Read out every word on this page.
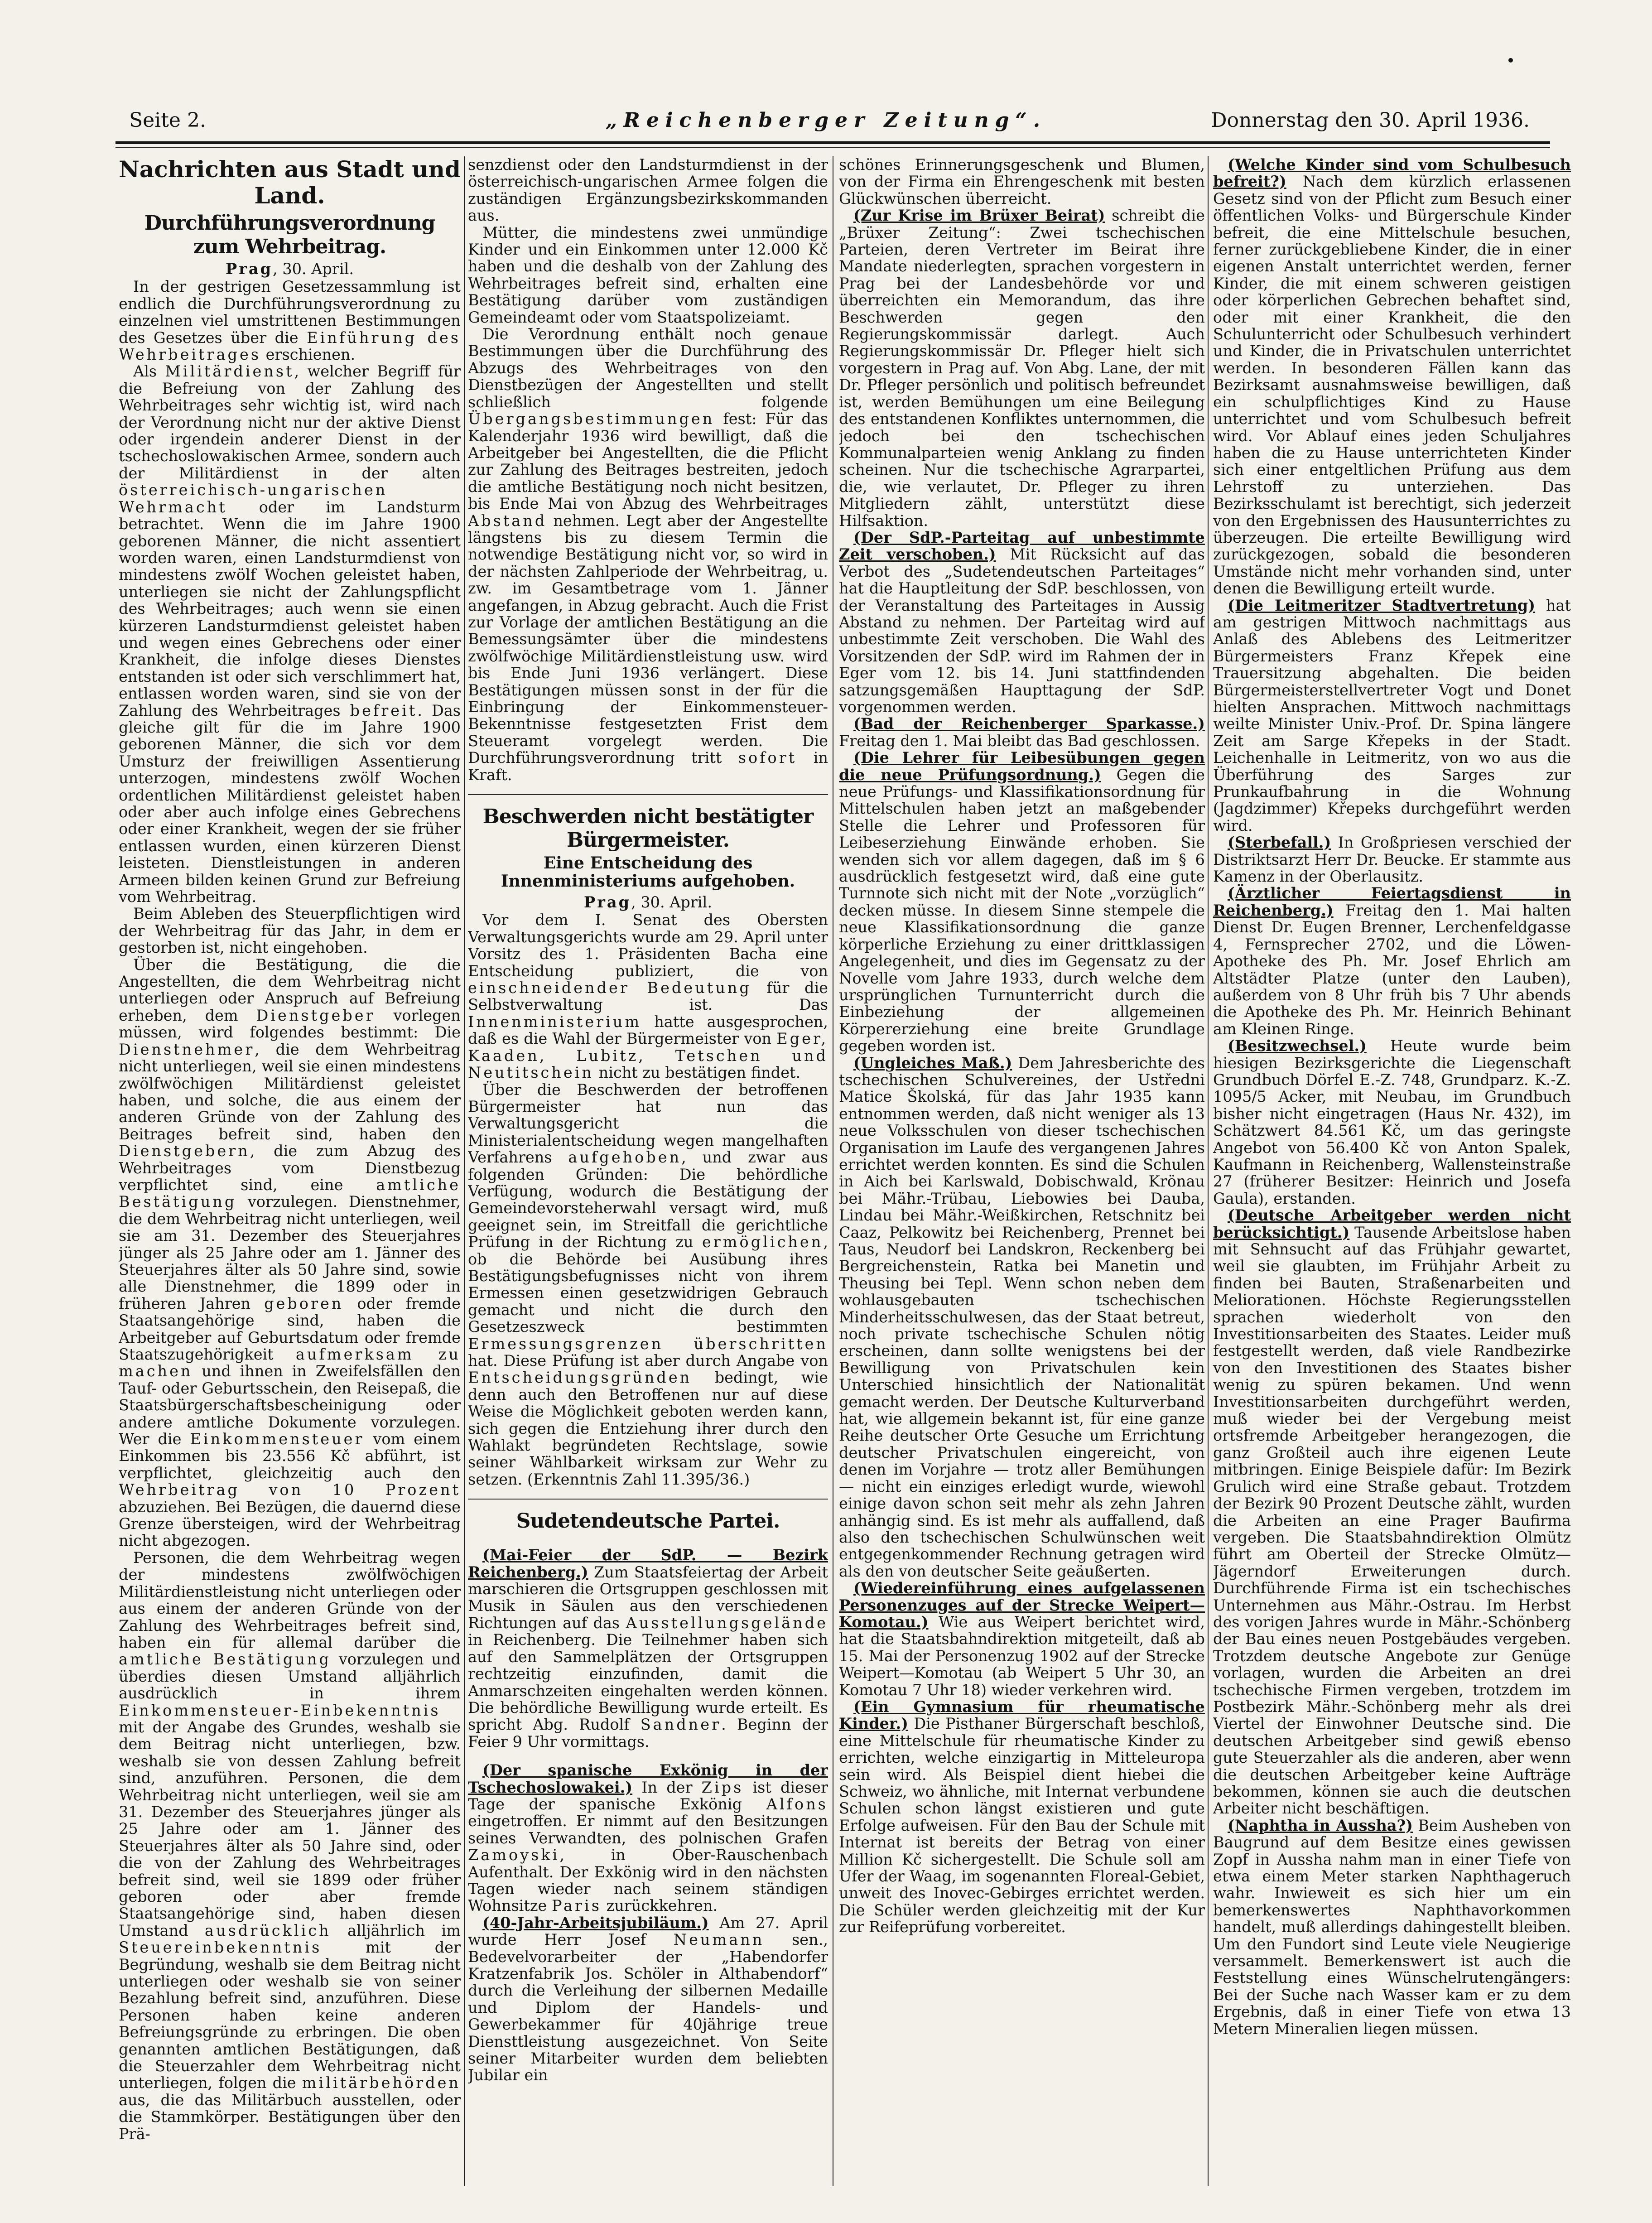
Seite 2.	„Reichenberger Zeitung“.	Donnerstag den 30. April 1936.
Nachrichten aus Stadt und Land.
Durchführungsverordnung zum Wehrbeitrag.

Prag, 30. April.

In der gestrigen Gesetzessammlung ist endlich die Durchführungsverordnung zu einzelnen viel umstrittenen Bestimmungen des Gesetzes über die Einführung des Wehrbeitrages erschienen.

Als Militärdienst, welcher Begriff für die Befreiung von der Zahlung des Wehrbeitrages sehr wichtig ist, wird nach der Verordnung nicht nur der aktive Dienst oder irgendein anderer Dienst in der tschechoslowakischen Armee, sondern auch der Militärdienst in der alten österreichisch-ungarischen Wehrmacht oder im Landsturm betrachtet. Wenn die im Jahre 1900 geborenen Männer, die nicht assentiert worden waren, einen Landsturmdienst von mindestens zwölf Wochen geleistet haben, unterliegen sie nicht der Zahlungspflicht des Wehrbeitrages; auch wenn sie einen kürzeren Landsturmdienst geleistet haben und wegen eines Gebrechens oder einer Krankheit, die infolge dieses Dienstes entstanden ist oder sich verschlimmert hat, entlassen worden waren, sind sie von der Zahlung des Wehrbeitrages befreit. Das gleiche gilt für die im Jahre 1900 geborenen Männer, die sich vor dem Umsturz der freiwilligen Assentierung unterzogen, mindestens zwölf Wochen ordentlichen Militärdienst geleistet haben oder aber auch infolge eines Gebrechens oder einer Krankheit, wegen der sie früher entlassen wurden, einen kürzeren Dienst leisteten. Dienstleistungen in anderen Armeen bilden keinen Grund zur Befreiung vom Wehrbeitrag.

Beim Ableben des Steuerpflichtigen wird der Wehrbeitrag für das Jahr, in dem er gestorben ist, nicht eingehoben.

Über die Bestätigung, die die Angestellten, die dem Wehrbeitrag nicht unterliegen oder Anspruch auf Befreiung erheben, dem Dienstgeber vorlegen müssen, wird folgendes bestimmt: Die Dienstnehmer, die dem Wehrbeitrag nicht unterliegen, weil sie einen mindestens zwölfwöchigen Militärdienst geleistet haben, und solche, die aus einem der anderen Gründe von der Zahlung des Beitrages befreit sind, haben den Dienstgebern, die zum Abzug des Wehrbeitrages vom Dienstbezug verpflichtet sind, eine amtliche Bestätigung vorzulegen. Dienstnehmer, die dem Wehrbeitrag nicht unterliegen, weil sie am 31. Dezember des Steuerjahres jünger als 25 Jahre oder am 1. Jänner des Steuerjahres älter als 50 Jahre sind, sowie alle Dienstnehmer, die 1899 oder in früheren Jahren geboren oder fremde Staatsangehörige sind, haben die Arbeitgeber auf Geburtsdatum oder fremde Staatszugehörigkeit aufmerksam zu machen und ihnen in Zweifelsfällen den Tauf- oder Geburtsschein, den Reisepaß, die Staatsbürgerschaftsbescheinigung oder andere amtliche Dokumente vorzulegen. Wer die Einkommensteuer vom einem Einkommen bis 23.556 Kč abführt, ist verpflichtet, gleichzeitig auch den Wehrbeitrag von 10 Prozent abzuziehen. Bei Bezügen, die dauernd diese Grenze übersteigen, wird der Wehrbeitrag nicht abgezogen.

Personen, die dem Wehrbeitrag wegen der mindestens zwölfwöchigen Militärdienstleistung nicht unterliegen oder aus einem der anderen Gründe von der Zahlung des Wehrbeitrages befreit sind, haben ein für allemal darüber die amtliche Bestätigung vorzulegen und überdies diesen Umstand alljährlich ausdrücklich in ihrem Einkommensteuer-Einbekenntnis mit der Angabe des Grundes, weshalb sie dem Beitrag nicht unterliegen, bzw. weshalb sie von dessen Zahlung befreit sind, anzuführen. Personen, die dem Wehrbeitrag nicht unterliegen, weil sie am 31. Dezember des Steuerjahres jünger als 25 Jahre oder am 1. Jänner des Steuerjahres älter als 50 Jahre sind, oder die von der Zahlung des Wehrbeitrages befreit sind, weil sie 1899 oder früher geboren oder aber fremde Staatsangehörige sind, haben diesen Umstand ausdrücklich alljährlich im Steuereinbekenntnis mit der Begründung, weshalb sie dem Beitrag nicht unterliegen oder weshalb sie von seiner Bezahlung befreit sind, anzuführen. Diese Personen haben keine anderen Befreiungsgründe zu erbringen. Die oben genannten amtlichen Bestätigungen, daß die Steuerzahler dem Wehrbeitrag nicht unterliegen, folgen die militärbehörden aus, die das Militärbuch ausstellen, oder die Stammkörper. Bestätigungen über den Prä-

senzdienst oder den Landsturmdienst in der österreichisch-ungarischen Armee folgen die zuständigen Ergänzungsbezirkskommanden aus.

Mütter, die mindestens zwei unmündige Kinder und ein Einkommen unter 12.000 Kč haben und die deshalb von der Zahlung des Wehrbeitrages befreit sind, erhalten eine Bestätigung darüber vom zuständigen Gemeindeamt oder vom Staatspolizeiamt.

Die Verordnung enthält noch genaue Bestimmungen über die Durchführung des Abzugs des Wehrbeitrages von den Dienstbezügen der Angestellten und stellt schließlich folgende Übergangsbestimmungen fest: Für das Kalenderjahr 1936 wird bewilligt, daß die Arbeitgeber bei Angestellten, die die Pflicht zur Zahlung des Beitrages bestreiten, jedoch die amtliche Bestätigung noch nicht besitzen, bis Ende Mai von Abzug des Wehrbeitrages Abstand nehmen. Legt aber der Angestellte längstens bis zu diesem Termin die notwendige Bestätigung nicht vor, so wird in der nächsten Zahlperiode der Wehrbeitrag, u. zw. im Gesamtbetrage vom 1. Jänner angefangen, in Abzug gebracht. Auch die Frist zur Vorlage der amtlichen Bestätigung an die Bemessungsämter über die mindestens zwölfwöchige Militärdienstleistung usw. wird bis Ende Juni 1936 verlängert. Diese Bestätigungen müssen sonst in der für die Einbringung der Einkommensteuer-Bekenntnisse festgesetzten Frist dem Steueramt vorgelegt werden. Die Durchführungsverordnung tritt sofort in Kraft.

Beschwerden nicht bestätigter Bürgermeister.
Eine Entscheidung des Innenministeriums aufgehoben.

Prag, 30. April.

Vor dem I. Senat des Obersten Verwaltungsgerichts wurde am 29. April unter Vorsitz des 1. Präsidenten Bacha eine Entscheidung publiziert, die von einschneidender Bedeutung für die Selbstverwaltung ist. Das Innenministerium hatte ausgesprochen, daß es die Wahl der Bürgermeister von Eger, Kaaden, Lubitz, Tetschen und Neutitschein nicht zu bestätigen findet.

Über die Beschwerden der betroffenen Bürgermeister hat nun das Verwaltungsgericht die Ministerialentscheidung wegen mangelhaften Verfahrens aufgehoben, und zwar aus folgenden Gründen: Die behördliche Verfügung, wodurch die Bestätigung der Gemeindevorsteherwahl versagt wird, muß geeignet sein, im Streitfall die gerichtliche Prüfung in der Richtung zu ermöglichen, ob die Behörde bei Ausübung ihres Bestätigungsbefugnisses nicht von ihrem Ermessen einen gesetzwidrigen Gebrauch gemacht und nicht die durch den Gesetzeszweck bestimmten Ermessungsgrenzen überschritten hat. Diese Prüfung ist aber durch Angabe von Entscheidungsgründen bedingt, wie denn auch den Betroffenen nur auf diese Weise die Möglichkeit geboten werden kann, sich gegen die Entziehung ihrer durch den Wahlakt begründeten Rechtslage, sowie seiner Wählbarkeit wirksam zur Wehr zu setzen. (Erkenntnis Zahl 11.395/36.)

Sudetendeutsche Partei.

(Mai-Feier der SdP. — Bezirk Reichenberg.) Zum Staatsfeiertag der Arbeit marschieren die Ortsgruppen geschlossen mit Musik in Säulen aus den verschiedenen Richtungen auf das Ausstellungsgelände in Reichenberg. Die Teilnehmer haben sich auf den Sammelplätzen der Ortsgruppen rechtzeitig einzufinden, damit die Anmarschzeiten eingehalten werden können. Die behördliche Bewilligung wurde erteilt. Es spricht Abg. Rudolf Sandner. Beginn der Feier 9 Uhr vormittags.

(Der spanische Exkönig in der Tschechoslowakei.) In der Zips ist dieser Tage der spanische Exkönig Alfons eingetroffen. Er nimmt auf den Besitzungen seines Verwandten, des polnischen Grafen Zamoyski, in Ober-Rauschenbach Aufenthalt. Der Exkönig wird in den nächsten Tagen wieder nach seinem ständigen Wohnsitze Paris zurückkehren.

(40-Jahr-Arbeitsjubiläum.) Am 27. April wurde Herr Josef Neumann sen., Bedevelvorarbeiter der „Habendorfer Kratzenfabrik Jos. Schöler in Althabendorf“ durch die Verleihung der silbernen Medaille und Diplom der Handels- und Gewerbekammer für 40jährige treue Diensttleistung ausgezeichnet. Von Seite seiner Mitarbeiter wurden dem beliebten Jubilar ein

schönes Erinnerungsgeschenk und Blumen, von der Firma ein Ehrengeschenk mit besten Glückwünschen überreicht.

(Zur Krise im Brüxer Beirat) schreibt die „Brüxer Zeitung“: Zwei tschechischen Parteien, deren Vertreter im Beirat ihre Mandate niederlegten, sprachen vorgestern in Prag bei der Landesbehörde vor und überreichten ein Memorandum, das ihre Beschwerden gegen den Regierungskommissär darlegt. Auch Regierungskommissär Dr. Pfleger hielt sich vorgestern in Prag auf. Von Abg. Lane, der mit Dr. Pfleger persönlich und politisch befreundet ist, werden Bemühungen um eine Beilegung des entstandenen Konfliktes unternommen, die jedoch bei den tschechischen Kommunalparteien wenig Anklang zu finden scheinen. Nur die tschechische Agrarpartei, die, wie verlautet, Dr. Pfleger zu ihren Mitgliedern zählt, unterstützt diese Hilfsaktion.

(Der SdP.-Parteitag auf unbestimmte Zeit verschoben.) Mit Rücksicht auf das Verbot des „Sudetendeutschen Parteitages“ hat die Hauptleitung der SdP. beschlossen, von der Veranstaltung des Parteitages in Aussig Abstand zu nehmen. Der Parteitag wird auf unbestimmte Zeit verschoben. Die Wahl des Vorsitzenden der SdP. wird im Rahmen der in Eger vom 12. bis 14. Juni stattfindenden satzungsgemäßen Haupttagung der SdP. vorgenommen werden.

(Bad der Reichenberger Sparkasse.) Freitag den 1. Mai bleibt das Bad geschlossen.

(Die Lehrer für Leibesübungen gegen die neue Prüfungsordnung.) Gegen die neue Prüfungs- und Klassifikationsordnung für Mittelschulen haben jetzt an maßgebender Stelle die Lehrer und Professoren für Leibeserziehung Einwände erhoben. Sie wenden sich vor allem dagegen, daß im § 6 ausdrücklich festgesetzt wird, daß eine gute Turnnote sich nicht mit der Note „vorzüglich“ decken müsse. In diesem Sinne stempele die neue Klassifikationsordnung die ganze körperliche Erziehung zu einer drittklassigen Angelegenheit, und dies im Gegensatz zu der Novelle vom Jahre 1933, durch welche dem ursprünglichen Turnunterricht durch die Einbeziehung der allgemeinen Körpererziehung eine breite Grundlage gegeben worden ist.

(Ungleiches Maß.) Dem Jahresberichte des tschechischen Schulvereines, der Ustředni Matice Školská, für das Jahr 1935 kann entnommen werden, daß nicht weniger als 13 neue Volksschulen von dieser tschechischen Organisation im Laufe des vergangenen Jahres errichtet werden konnten. Es sind die Schulen in Aich bei Karlswald, Dobischwald, Krönau bei Mähr.-Trübau, Liebowies bei Dauba, Lindau bei Mähr.-Weißkirchen, Retschnitz bei Caaz, Pelkowitz bei Reichenberg, Prennet bei Taus, Neudorf bei Landskron, Reckenberg bei Bergreichenstein, Ratka bei Manetin und Theusing bei Tepl. Wenn schon neben dem wohlausgebauten tschechischen Minderheitsschulwesen, das der Staat betreut, noch private tschechische Schulen nötig erscheinen, dann sollte wenigstens bei der Bewilligung von Privatschulen kein Unterschied hinsichtlich der Nationalität gemacht werden. Der Deutsche Kulturverband hat, wie allgemein bekannt ist, für eine ganze Reihe deutscher Orte Gesuche um Errichtung deutscher Privatschulen eingereicht, von denen im Vorjahre — trotz aller Bemühungen — nicht ein einziges erledigt wurde, wiewohl einige davon schon seit mehr als zehn Jahren anhängig sind. Es ist mehr als auffallend, daß also den tschechischen Schulwünschen weit entgegenkommender Rechnung getragen wird als den von deutscher Seite geäußerten.

(Wiedereinführung eines aufgelassenen Personenzuges auf der Strecke Weipert—Komotau.) Wie aus Weipert berichtet wird, hat die Staatsbahndirektion mitgeteilt, daß ab 15. Mai der Personenzug 1902 auf der Strecke Weipert—Komotau (ab Weipert 5 Uhr 30, an Komotau 7 Uhr 18) wieder verkehren wird.

(Ein Gymnasium für rheumatische Kinder.) Die Pisthaner Bürgerschaft beschloß, eine Mittelschule für rheumatische Kinder zu errichten, welche einzigartig in Mitteleuropa sein wird. Als Beispiel dient hiebei die Schweiz, wo ähnliche, mit Internat verbundene Schulen schon längst existieren und gute Erfolge aufweisen. Für den Bau der Schule mit Internat ist bereits der Betrag von einer Million Kč sichergestellt. Die Schule soll am Ufer der Waag, im sogenannten Floreal-Gebiet, unweit des Inovec-Gebirges errichtet werden. Die Schüler werden gleichzeitig mit der Kur zur Reifeprüfung vorbereitet.

(Welche Kinder sind vom Schulbesuch befreit?) Nach dem kürzlich erlassenen Gesetz sind von der Pflicht zum Besuch einer öffentlichen Volks- und Bürgerschule Kinder befreit, die eine Mittelschule besuchen, ferner zurückgebliebene Kinder, die in einer eigenen Anstalt unterrichtet werden, ferner Kinder, die mit einem schweren geistigen oder körperlichen Gebrechen behaftet sind, oder mit einer Krankheit, die den Schulunterricht oder Schulbesuch verhindert und Kinder, die in Privatschulen unterrichtet werden. In besonderen Fällen kann das Bezirksamt ausnahmsweise bewilligen, daß ein schulpflichtiges Kind zu Hause unterrichtet und vom Schulbesuch befreit wird. Vor Ablauf eines jeden Schuljahres haben die zu Hause unterrichteten Kinder sich einer entgeltlichen Prüfung aus dem Lehrstoff zu unterziehen. Das Bezirksschulamt ist berechtigt, sich jederzeit von den Ergebnissen des Hausunterrichtes zu überzeugen. Die erteilte Bewilligung wird zurückgezogen, sobald die besonderen Umstände nicht mehr vorhanden sind, unter denen die Bewilligung erteilt wurde.

(Die Leitmeritzer Stadtvertretung) hat am gestrigen Mittwoch nachmittags aus Anlaß des Ablebens des Leitmeritzer Bürgermeisters Franz Křepek eine Trauersitzung abgehalten. Die beiden Bürgermeisterstellvertreter Vogt und Donet hielten Ansprachen. Mittwoch nachmittags weilte Minister Univ.-Prof. Dr. Spina längere Zeit am Sarge Křepeks in der Stadt. Leichenhalle in Leitmeritz, von wo aus die Überführung des Sarges zur Prunkaufbahrung in die Wohnung (Jagdzimmer) Křepeks durchgeführt werden wird.

(Sterbefall.) In Großpriesen verschied der Distriktsarzt Herr Dr. Beucke. Er stammte aus Kamenz in der Oberlausitz.

(Ärztlicher Feiertagsdienst in Reichenberg.) Freitag den 1. Mai halten Dienst Dr. Eugen Brenner, Lerchenfeldgasse 4, Fernsprecher 2702, und die Löwen-Apotheke des Ph. Mr. Josef Ehrlich am Altstädter Platze (unter den Lauben), außerdem von 8 Uhr früh bis 7 Uhr abends die Apotheke des Ph. Mr. Heinrich Behinant am Kleinen Ringe.

(Besitzwechsel.) Heute wurde beim hiesigen Bezirksgerichte die Liegenschaft Grundbuch Dörfel E.-Z. 748, Grundparz. K.-Z. 1095/5 Acker, mit Neubau, im Grundbuch bisher nicht eingetragen (Haus Nr. 432), im Schätzwert 84.561 Kč, um das geringste Angebot von 56.400 Kč von Anton Spalek, Kaufmann in Reichenberg, Wallensteinstraße 27 (früherer Besitzer: Heinrich und Josefa Gaula), erstanden.

(Deutsche Arbeitgeber werden nicht berücksichtigt.) Tausende Arbeitslose haben mit Sehnsucht auf das Frühjahr gewartet, weil sie glaubten, im Frühjahr Arbeit zu finden bei Bauten, Straßenarbeiten und Meliorationen. Höchste Regierungsstellen sprachen wiederholt von den Investitionsarbeiten des Staates. Leider muß festgestellt werden, daß viele Randbezirke von den Investitionen des Staates bisher wenig zu spüren bekamen. Und wenn Investitionsarbeiten durchgeführt werden, muß wieder bei der Vergebung meist ortsfremde Arbeitgeber herangezogen, die ganz Großteil auch ihre eigenen Leute mitbringen. Einige Beispiele dafür: Im Bezirk Grulich wird eine Straße gebaut. Trotzdem der Bezirk 90 Prozent Deutsche zählt, wurden die Arbeiten an eine Prager Baufirma vergeben. Die Staatsbahndirektion Olmütz führt am Oberteil der Strecke Olmütz—Jägerndorf Erweiterungen durch. Durchführende Firma ist ein tschechisches Unternehmen aus Mähr.-Ostrau. Im Herbst des vorigen Jahres wurde in Mähr.-Schönberg der Bau eines neuen Postgebäudes vergeben. Trotzdem deutsche Angebote zur Genüge vorlagen, wurden die Arbeiten an drei tschechische Firmen vergeben, trotzdem im Postbezirk Mähr.-Schönberg mehr als drei Viertel der Einwohner Deutsche sind. Die deutschen Arbeitgeber sind gewiß ebenso gute Steuerzahler als die anderen, aber wenn die deutschen Arbeitgeber keine Aufträge bekommen, können sie auch die deutschen Arbeiter nicht beschäftigen.

(Naphtha in Aussha?) Beim Ausheben von Baugrund auf dem Besitze eines gewissen Zopf in Aussha nahm man in einer Tiefe von etwa einem Meter starken Naphthageruch wahr. Inwieweit es sich hier um ein bemerkenswertes Naphthavorkommen handelt, muß allerdings dahingestellt bleiben. Um den Fundort sind Leute viele Neugierige versammelt. Bemerkenswert ist auch die Feststellung eines Wünschelrutengängers: Bei der Suche nach Wasser kam er zu dem Ergebnis, daß in einer Tiefe von etwa 13 Metern Mineralien liegen müssen.
